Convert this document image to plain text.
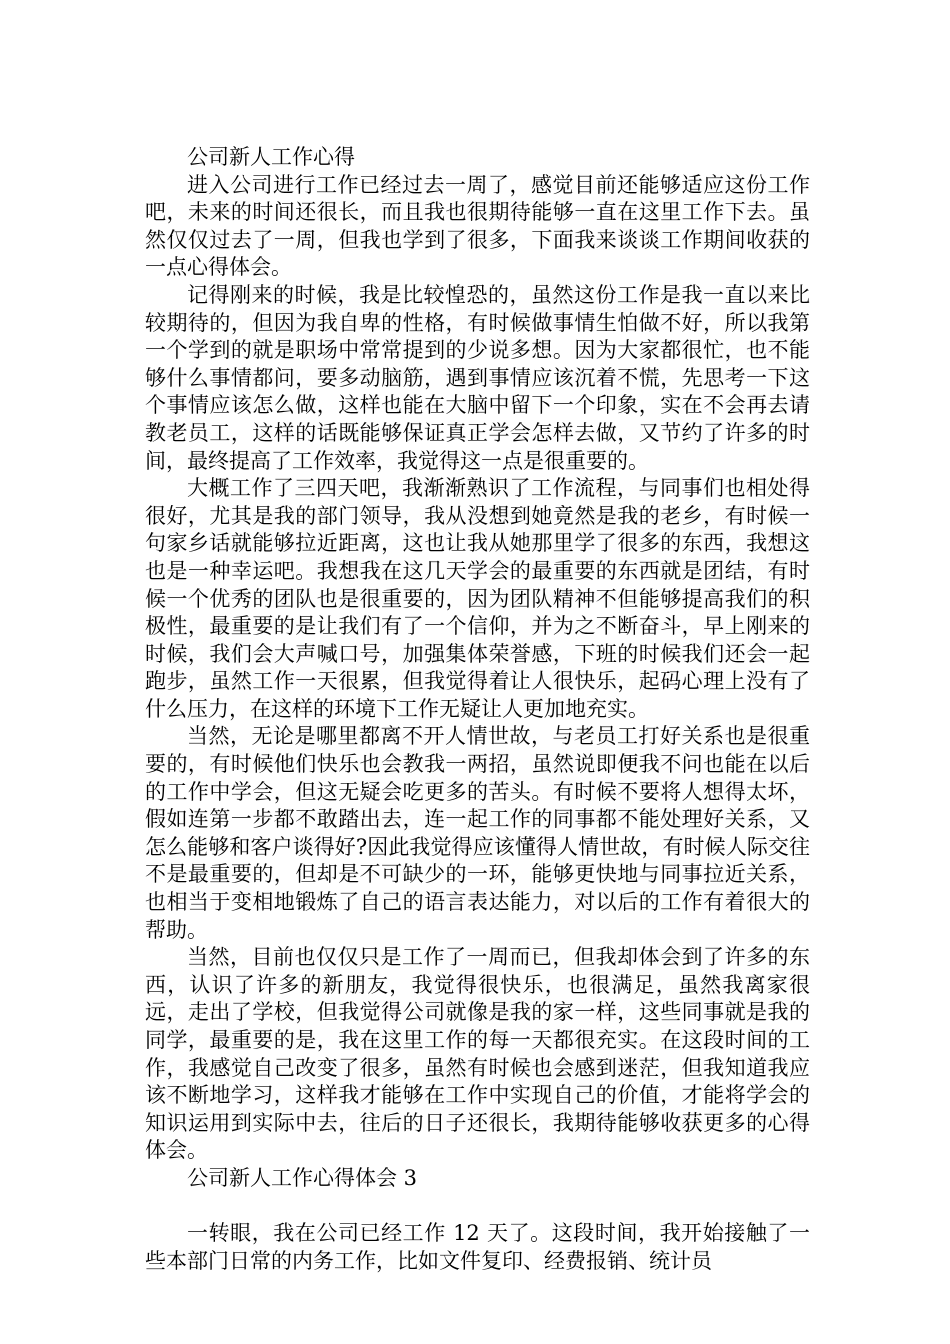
公司新人工作心得

进入公司进行工作已经过去一周了，感觉目前还能够适应这份工作吧，未来的时间还很长，而且我也很期待能够一直在这里工作下去。虽然仅仅过去了一周，但我也学到了很多，下面我来谈谈工作期间收获的一点心得体会。

记得刚来的时候，我是比较惶恐的，虽然这份工作是我一直以来比较期待的，但因为我自卑的性格，有时候做事情生怕做不好，所以我第一个学到的就是职场中常常提到的少说多想。因为大家都很忙，也不能够什么事情都问，要多动脑筋，遇到事情应该沉着不慌，先思考一下这个事情应该怎么做，这样也能在大脑中留下一个印象，实在不会再去请教老员工，这样的话既能够保证真正学会怎样去做，又节约了许多的时间，最终提高了工作效率，我觉得这一点是很重要的。

大概工作了三四天吧，我渐渐熟识了工作流程，与同事们也相处得很好，尤其是我的部门领导，我从没想到她竟然是我的老乡，有时候一句家乡话就能够拉近距离，这也让我从她那里学了很多的东西，我想这也是一种幸运吧。我想我在这几天学会的最重要的东西就是团结，有时候一个优秀的团队也是很重要的，因为团队精神不但能够提高我们的积极性，最重要的是让我们有了一个信仰，并为之不断奋斗，早上刚来的时候，我们会大声喊口号，加强集体荣誉感，下班的时候我们还会一起跑步，虽然工作一天很累，但我觉得着让人很快乐，起码心理上没有了什么压力，在这样的环境下工作无疑让人更加地充实。

当然，无论是哪里都离不开人情世故，与老员工打好关系也是很重要的，有时候他们快乐也会教我一两招，虽然说即便我不问也能在以后的工作中学会，但这无疑会吃更多的苦头。有时候不要将人想得太坏，假如连第一步都不敢踏出去，连一起工作的同事都不能处理好关系，又怎么能够和客户谈得好?因此我觉得应该懂得人情世故，有时候人际交往不是最重要的，但却是不可缺少的一环，能够更快地与同事拉近关系，也相当于变相地锻炼了自己的语言表达能力，对以后的工作有着很大的帮助。

当然，目前也仅仅只是工作了一周而已，但我却体会到了许多的东西，认识了许多的新朋友，我觉得很快乐，也很满足，虽然我离家很远，走出了学校，但我觉得公司就像是我的家一样，这些同事就是我的同学，最重要的是，我在这里工作的每一天都很充实。在这段时间的工作，我感觉自己改变了很多，虽然有时候也会感到迷茫，但我知道我应该不断地学习，这样我才能够在工作中实现自己的价值，才能将学会的知识运用到实际中去，往后的日子还很长，我期待能够收获更多的心得体会。

公司新人工作心得体会 3

一转眼，我在公司已经工作 12 天了。这段时间，我开始接触了一些本部门日常的内务工作，比如文件复印、经费报销、统计员
